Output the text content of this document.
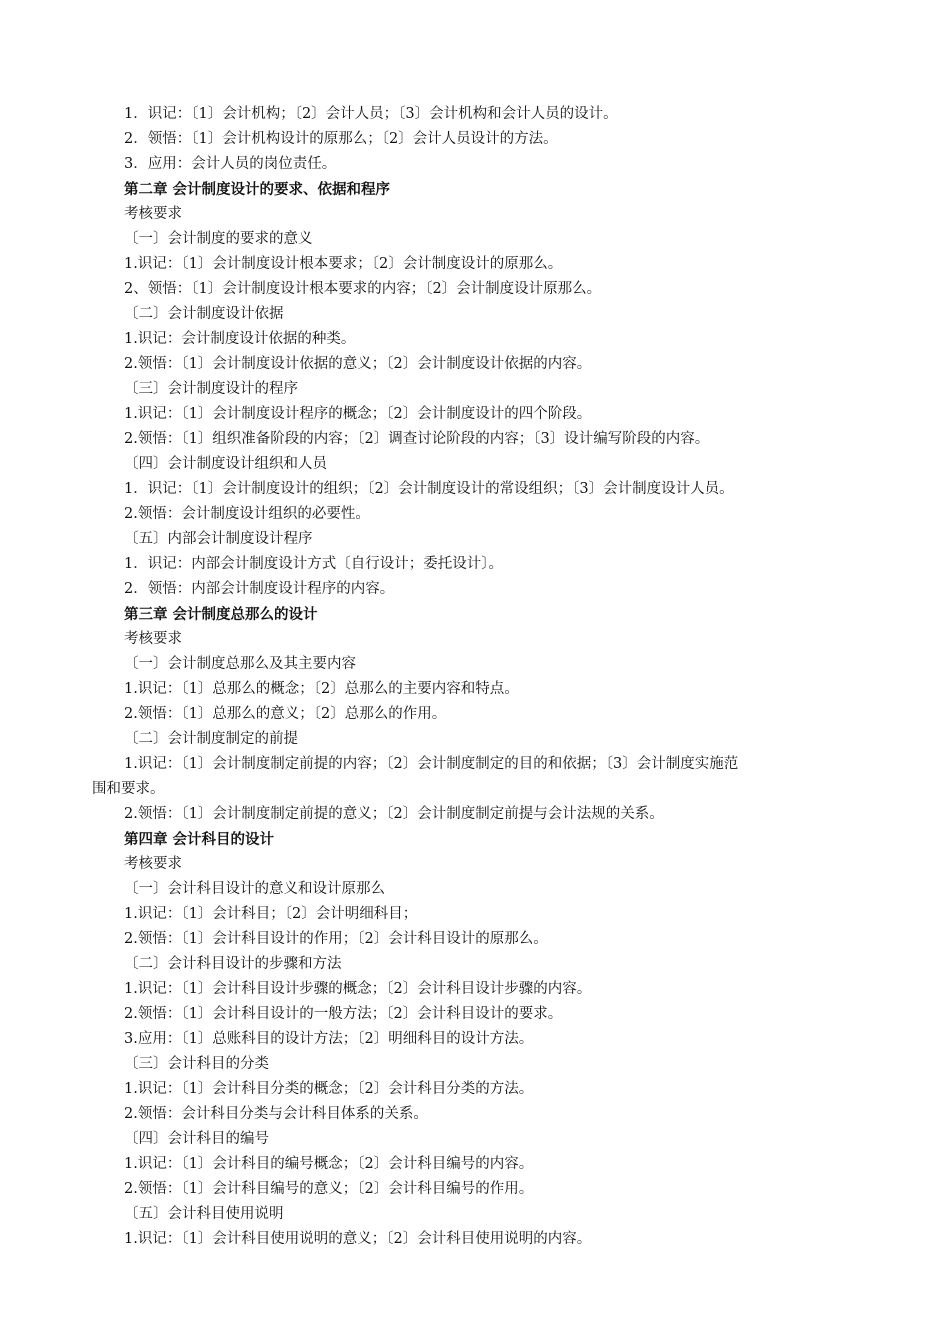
1．识记：〔1〕会计机构；〔2〕会计人员；〔3〕会计机构和会计人员的设计。
2．领悟：〔1〕会计机构设计的原那么；〔2〕会计人员设计的方法。
3．应用：会计人员的岗位责任。
第二章 会计制度设计的要求、依据和程序
考核要求
〔一〕会计制度的要求的意义
1.识记：〔1〕会计制度设计根本要求；〔2〕会计制度设计的原那么。
2、领悟：〔1〕会计制度设计根本要求的内容；〔2〕会计制度设计原那么。
〔二〕会计制度设计依据
1.识记：会计制度设计依据的种类。
2.领悟：〔1〕会计制度设计依据的意义；〔2〕会计制度设计依据的内容。
〔三〕会计制度设计的程序
1.识记：〔1〕会计制度设计程序的概念；〔2〕会计制度设计的四个阶段。
2.领悟：〔1〕组织准备阶段的内容；〔2〕调查讨论阶段的内容；〔3〕设计编写阶段的内容。
〔四〕会计制度设计组织和人员
1．识记：〔1〕会计制度设计的组织；〔2〕会计制度设计的常设组织；〔3〕会计制度设计人员。
2.领悟：会计制度设计组织的必要性。
〔五〕内部会计制度设计程序
1．识记：内部会计制度设计方式〔自行设计；委托设计〕。
2．领悟：内部会计制度设计程序的内容。
第三章 会计制度总那么的设计
考核要求
〔一〕会计制度总那么及其主要内容
1.识记：〔1〕总那么的概念；〔2〕总那么的主要内容和特点。
2.领悟：〔1〕总那么的意义；〔2〕总那么的作用。
〔二〕会计制度制定的前提
1.识记：〔1〕会计制度制定前提的内容；〔2〕会计制度制定的目的和依据；〔3〕会计制度实施范
围和要求。
2.领悟：〔1〕会计制度制定前提的意义；〔2〕会计制度制定前提与会计法规的关系。
第四章 会计科目的设计
考核要求
〔一〕会计科目设计的意义和设计原那么
1.识记：〔1〕会计科目；〔2〕会计明细科目；
2.领悟：〔1〕会计科目设计的作用；〔2〕会计科目设计的原那么。
〔二〕会计科目设计的步骤和方法
1.识记：〔1〕会计科目设计步骤的概念；〔2〕会计科目设计步骤的内容。
2.领悟：〔1〕会计科目设计的一般方法；〔2〕会计科目设计的要求。
3.应用：〔1〕总账科目的设计方法；〔2〕明细科目的设计方法。
〔三〕会计科目的分类
1.识记：〔1〕会计科目分类的概念；〔2〕会计科目分类的方法。
2.领悟：会计科目分类与会计科目体系的关系。
〔四〕会计科目的编号
1.识记：〔1〕会计科目的编号概念；〔2〕会计科目编号的内容。
2.领悟：〔1〕会计科目编号的意义；〔2〕会计科目编号的作用。
〔五〕会计科目使用说明
1.识记：〔1〕会计科目使用说明的意义；〔2〕会计科目使用说明的内容。
